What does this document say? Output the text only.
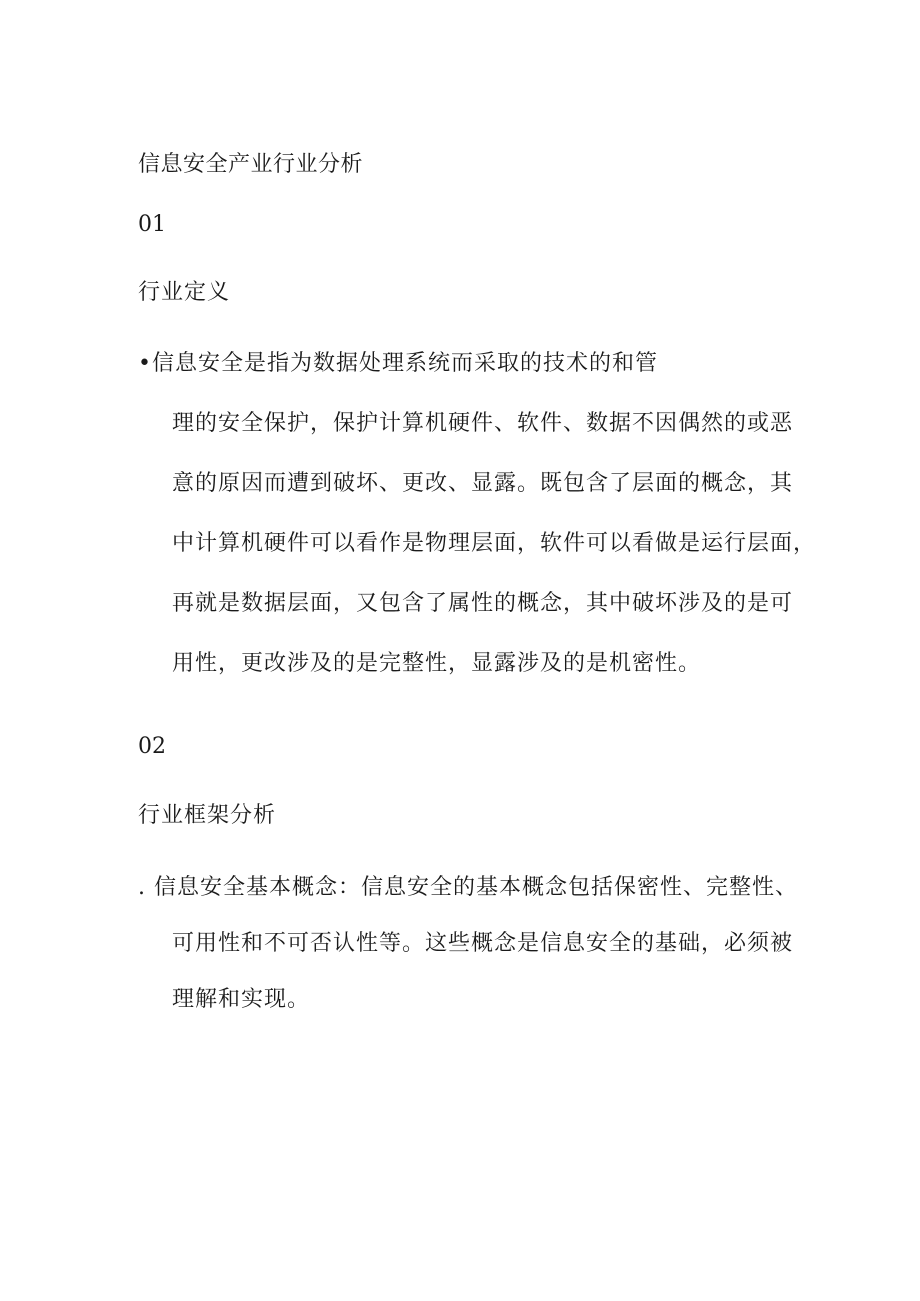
信息安全产业行业分析
01
行业定义
•信息安全是指为数据处理系统而采取的技术的和管
理的安全保护，保护计算机硬件、软件、数据不因偶然的或恶
意的原因而遭到破坏、更改、显露。既包含了层面的概念，其
中计算机硬件可以看作是物理层面，软件可以看做是运行层面，
再就是数据层面，又包含了属性的概念，其中破坏涉及的是可
用性，更改涉及的是完整性，显露涉及的是机密性。
02
行业框架分析
. 信息安全基本概念：信息安全的基本概念包括保密性、完整性、
可用性和不可否认性等。这些概念是信息安全的基础，必须被
理解和实现。
